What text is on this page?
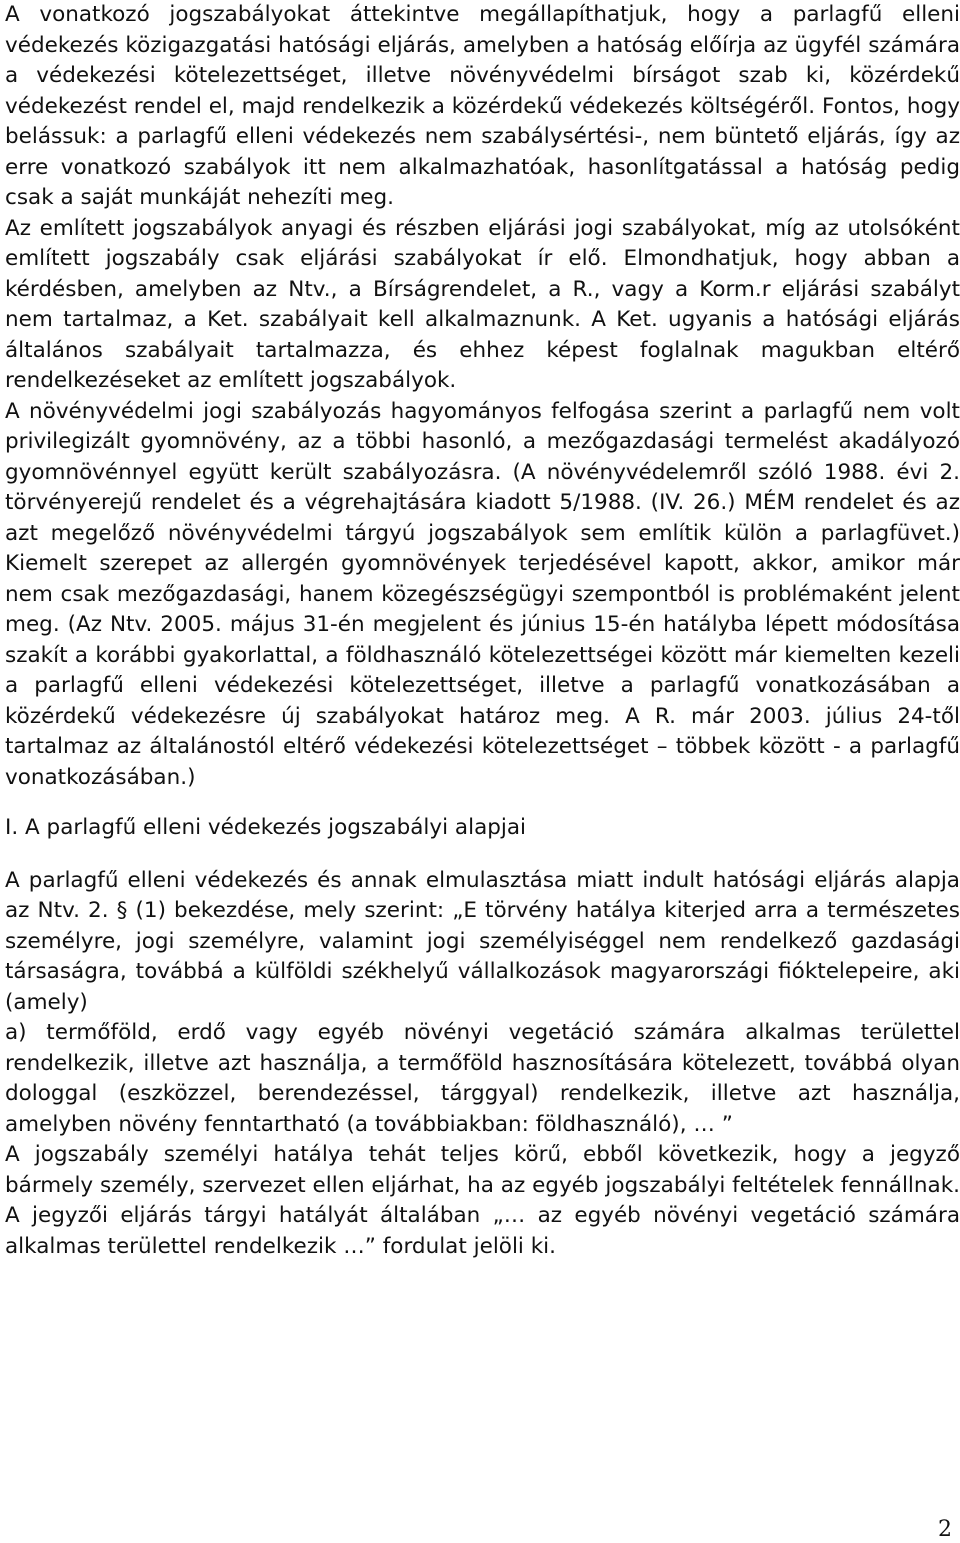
A vonatkozó jogszabályokat áttekintve megállapíthatjuk, hogy a parlagfű elleni védekezés közigazgatási hatósági eljárás, amelyben a hatóság előírja az ügyfél számára a védekezési kötelezettséget, illetve növényvédelmi bírságot szab ki, közérdekű védekezést rendel el, majd rendelkezik a közérdekű védekezés költségéről. Fontos, hogy belássuk: a parlagfű elleni védekezés nem szabálysértési-, nem büntető eljárás, így az erre vonatkozó szabályok itt nem alkalmazhatóak, hasonlítgatással a hatóság pedig csak a saját munkáját nehezíti meg.

Az említett jogszabályok anyagi és részben eljárási jogi szabályokat, míg az utolsóként említett jogszabály csak eljárási szabályokat ír elő. Elmondhatjuk, hogy abban a kérdésben, amelyben az Ntv., a Bírságrendelet, a R., vagy a Korm.r eljárási szabályt nem tartalmaz, a Ket. szabályait kell alkalmaznunk. A Ket. ugyanis a hatósági eljárás általános szabályait tartalmazza, és ehhez képest foglalnak magukban eltérő rendelkezéseket az említett jogszabályok.

A növényvédelmi jogi szabályozás hagyományos felfogása szerint a parlagfű nem volt privilegizált gyomnövény, az a többi hasonló, a mezőgazdasági termelést akadályozó gyomnövénnyel együtt került szabályozásra. (A növényvédelemről szóló 1988. évi 2. törvényerejű rendelet és a végrehajtására kiadott 5/1988. (IV. 26.) MÉM rendelet és az azt megelőző növényvédelmi tárgyú jogszabályok sem említik külön a parlagfüvet.) Kiemelt szerepet az allergén gyomnövények terjedésével kapott, akkor, amikor már nem csak mezőgazdasági, hanem közegészségügyi szempontból is problémaként jelent meg. (Az Ntv. 2005. május 31-én megjelent és június 15-én hatályba lépett módosítása szakít a korábbi gyakorlattal, a földhasználó kötelezettségei között már kiemelten kezeli a parlagfű elleni védekezési kötelezettséget, illetve a parlagfű vonatkozásában a közérdekű védekezésre új szabályokat határoz meg. A R. már 2003. július 24-től tartalmaz az általánostól eltérő védekezési kötelezettséget – többek között - a parlagfű vonatkozásában.)

I. A parlagfű elleni védekezés jogszabályi alapjai

A parlagfű elleni védekezés és annak elmulasztása miatt indult hatósági eljárás alapja az Ntv. 2. § (1) bekezdése, mely szerint: „E törvény hatálya kiterjed arra a természetes személyre, jogi személyre, valamint jogi személyiséggel nem rendelkező gazdasági társaságra, továbbá a külföldi székhelyű vállalkozások magyarországi fióktelepeire, aki (amely)

a) termőföld, erdő vagy egyéb növényi vegetáció számára alkalmas területtel rendelkezik, illetve azt használja, a termőföld hasznosítására kötelezett, továbbá olyan dologgal (eszközzel, berendezéssel, tárggyal) rendelkezik, illetve azt használja, amelyben növény fenntartható (a továbbiakban: földhasználó), … ”

A jogszabály személyi hatálya tehát teljes körű, ebből következik, hogy a jegyző bármely személy, szervezet ellen eljárhat, ha az egyéb jogszabályi feltételek fennállnak. A jegyzői eljárás tárgyi hatályát általában „… az egyéb növényi vegetáció számára alkalmas területtel rendelkezik …” fordulat jelöli ki.

2
